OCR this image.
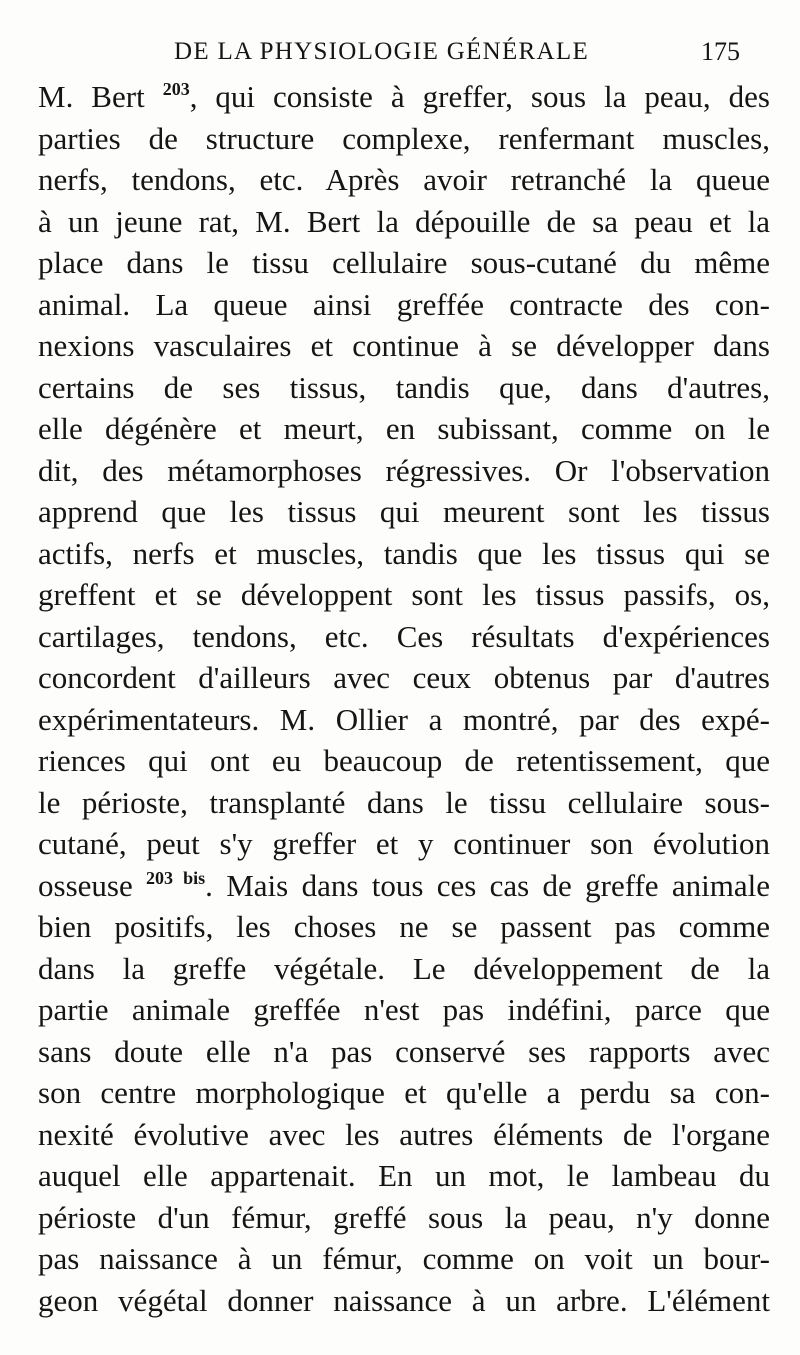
DE LA PHYSIOLOGIE GÉNÉRALE	175
M. Bert $^{203}$, qui consiste à greffer, sous la peau, des
parties de structure complexe, renfermant muscles,
nerfs, tendons, etc. Après avoir retranché la queue
à un jeune rat, M. Bert la dépouille de sa peau et la
place dans le tissu cellulaire sous-cutané du même
animal. La queue ainsi greffée contracte des con-
nexions vasculaires et continue à se développer dans
certains de ses tissus, tandis que, dans d'autres,
elle dégénère et meurt, en subissant, comme on le
dit, des métamorphoses régressives. Or l'observation
apprend que les tissus qui meurent sont les tissus
actifs, nerfs et muscles, tandis que les tissus qui se
greffent et se développent sont les tissus passifs, os,
cartilages, tendons, etc. Ces résultats d'expériences
concordent d'ailleurs avec ceux obtenus par d'autres
expérimentateurs. M. Ollier a montré, par des expé-
riences qui ont eu beaucoup de retentissement, que
le périoste, transplanté dans le tissu cellulaire sous-
cutané, peut s'y greffer et y continuer son évolution
osseuse $^{203 bis}$. Mais dans tous ces cas de greffe animale
bien positifs, les choses ne se passent pas comme
dans la greffe végétale. Le développement de la
partie animale greffée n'est pas indéfini, parce que
sans doute elle n'a pas conservé ses rapports avec
son centre morphologique et qu'elle a perdu sa con-
nexité évolutive avec les autres éléments de l'organe
auquel elle appartenait. En un mot, le lambeau du
périoste d'un fémur, greffé sous la peau, n'y donne
pas naissance à un fémur, comme on voit un bour-
geon végétal donner naissance à un arbre. L'élément
